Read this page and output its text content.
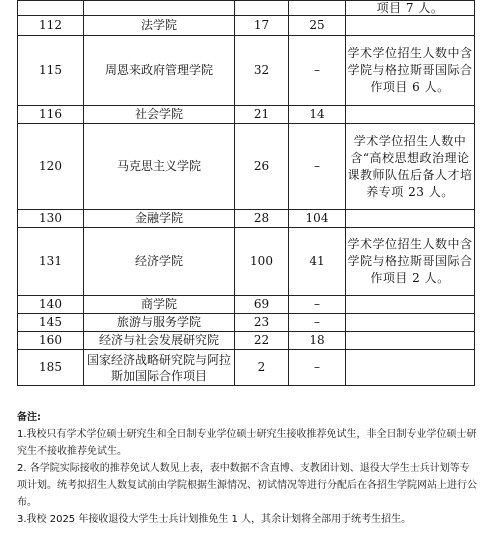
				项目 7 人。
112	法学院	17	25	
115	周恩来政府管理学院	32	–	学术学位招生人数中含学院与格拉斯哥国际合作项目 6 人。
116	社会学院	21	14	
120	马克思主义学院	26	–	学术学位招生人数中含“高校思想政治理论课教师队伍后备人才培养专项 23 人。
130	金融学院	28	104	
131	经济学院	100	41	学术学位招生人数中含学院与格拉斯哥国际合作项目 2 人。
140	商学院	69	–	
145	旅游与服务学院	23	–	
160	经济与社会发展研究院	22	18	
185	国家经济战略研究院与阿拉斯加国际合作项目	2	–	
备注:

1.我校只有学术学位硕士研究生和全日制专业学位硕士研究生接收推荐免试生，非全日制专业学位硕士研究生不接收推荐免试生。

2. 各学院实际接收的推荐免试人数见上表，表中数据不含直博、支教团计划、退役大学生士兵计划等专项计划。统考拟招生人数复试前由学院根据生源情况、初试情况等进行分配后在各招生学院网站上进行公布。

3.我校 2025 年接收退役大学生士兵计划推免生 1 人，其余计划将全部用于统考生招生。
